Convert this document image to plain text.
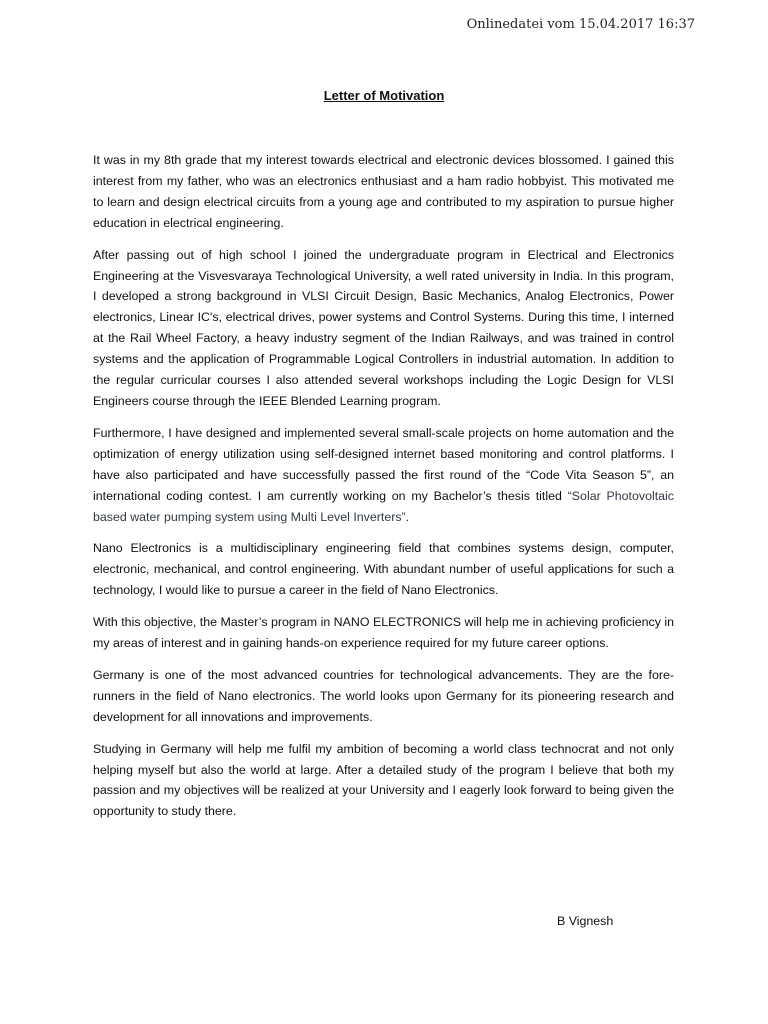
Onlinedatei vom 15.04.2017 16:37
Letter of Motivation

It was in my 8th grade that my interest towards electrical and electronic devices blossomed. I gained this interest from my father, who was an electronics enthusiast and a ham radio hobbyist. This motivated me to learn and design electrical circuits from a young age and contributed to my aspiration to pursue higher education in electrical engineering.

After passing out of high school I joined the undergraduate program in Electrical and Electronics Engineering at the Visvesvaraya Technological University, a well rated university in India. In this program, I developed a strong background in VLSI Circuit Design, Basic Mechanics, Analog Electronics, Power electronics, Linear IC's, electrical drives, power systems and Control Systems. During this time, I interned at the Rail Wheel Factory, a heavy industry segment of the Indian Railways, and was trained in control systems and the application of Programmable Logical Controllers in industrial automation. In addition to the regular curricular courses I also attended several workshops including the Logic Design for VLSI Engineers course through the IEEE Blended Learning program.

Furthermore, I have designed and implemented several small-scale projects on home automation and the optimization of energy utilization using self-designed internet based monitoring and control platforms. I have also participated and have successfully passed the first round of the “Code Vita Season 5”, an international coding contest. I am currently working on my Bachelor’s thesis titled “Solar Photovoltaic based water pumping system using Multi Level Inverters”.

Nano Electronics is a multidisciplinary engineering field that combines systems design, computer, electronic, mechanical, and control engineering. With abundant number of useful applications for such a technology, I would like to pursue a career in the field of Nano Electronics.

With this objective, the Master’s program in NANO ELECTRONICS will help me in achieving proficiency in my areas of interest and in gaining hands-on experience required for my future career options.

Germany is one of the most advanced countries for technological advancements. They are the fore-runners in the field of Nano electronics. The world looks upon Germany for its pioneering research and development for all innovations and improvements.

Studying in Germany will help me fulfil my ambition of becoming a world class technocrat and not only helping myself but also the world at large. After a detailed study of the program I believe that both my passion and my objectives will be realized at your University and I eagerly look forward to being given the opportunity to study there.

B Vignesh
